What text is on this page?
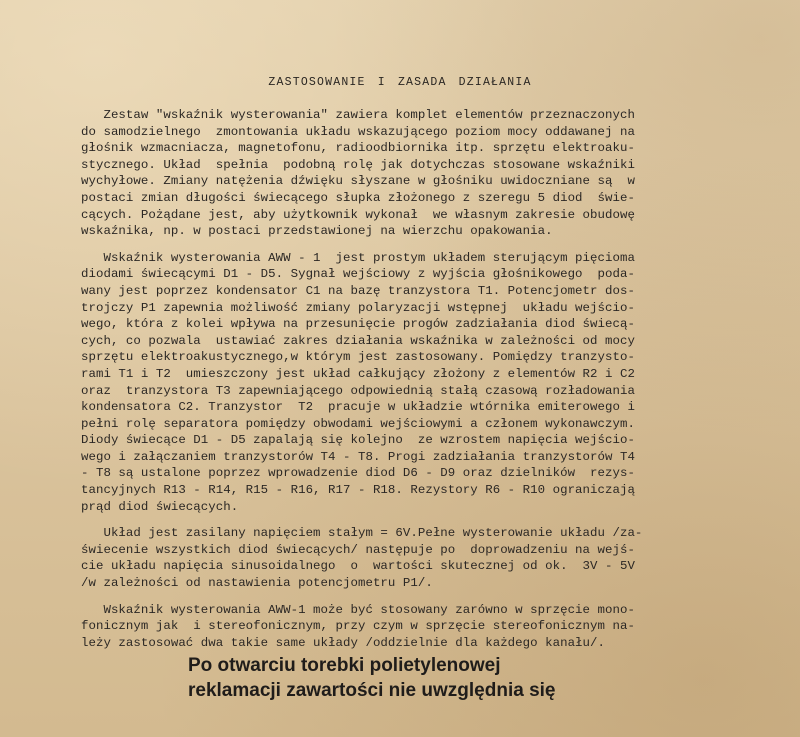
ZASTOSOWANIE I ZASADA DZIAŁANIA
Zestaw "wskaźnik wysterowania" zawiera komplet elementów przeznaczonych
do samodzielnego  zmontowania układu wskazującego poziom mocy oddawanej na
głośnik wzmacniacza, magnetofonu, radioodbiornika itp. sprzętu elektroaku-
stycznego. Układ  spełnia  podobną rolę jak dotychczas stosowane wskaźniki
wychyłowe. Zmiany natężenia dźwięku słyszane w głośniku uwidoczniane są  w
postaci zmian długości świecącego słupka złożonego z szeregu 5 diod  świe-
cących. Pożądane jest, aby użytkownik wykonał  we własnym zakresie obudowę
wskaźnika, np. w postaci przedstawionej na wierzchu opakowania.
Wskaźnik wysterowania AWW - 1  jest prostym układem sterującym pięcioma
diodami świecącymi D1 - D5. Sygnał wejściowy z wyjścia głośnikowego  poda-
wany jest poprzez kondensator C1 na bazę tranzystora T1. Potencjometr dos-
trojczy P1 zapewnia możliwość zmiany polaryzacji wstępnej  układu wejścio-
wego, która z kolei wpływa na przesunięcie progów zadziałania diod świecą-
cych, co pozwala  ustawiać zakres działania wskaźnika w zależności od mocy
sprzętu elektroakustycznego,w którym jest zastosowany. Pomiędzy tranzysto-
rami T1 i T2  umieszczony jest układ całkujący złożony z elementów R2 i C2
oraz  tranzystora T3 zapewniającego odpowiednią stałą czasową rozładowania
kondensatora C2. Tranzystor  T2  pracuje w układzie wtórnika emiterowego i
pełni rolę separatora pomiędzy obwodami wejściowymi a członem wykonawczym.
Diody świecące D1 - D5 zapalają się kolejno  ze wzrostem napięcia wejścio-
wego i załączaniem tranzystorów T4 - T8. Progi zadziałania tranzystorów T4
- T8 są ustalone poprzez wprowadzenie diod D6 - D9 oraz dzielników  rezys-
tancyjnych R13 - R14, R15 - R16, R17 - R18. Rezystory R6 - R10 ograniczają
prąd diod świecących.
Układ jest zasilany napięciem stałym = 6V.Pełne wysterowanie układu /za-
świecenie wszystkich diod świecących/ następuje po  doprowadzeniu na wejś-
cie układu napięcia sinusoidalnego  o  wartości skutecznej od ok.  3V - 5V
/w zależności od nastawienia potencjometru P1/.
Wskaźnik wysterowania AWW-1 może być stosowany zarówno w sprzęcie mono-
fonicznym jak  i stereofonicznym, przy czym w sprzęcie stereofonicznym na-
leży zastosować dwa takie same układy /oddzielnie dla każdego kanału/.
Po otwarciu torebki polietylenowej
reklamacji zawartości nie uwzględnia się
